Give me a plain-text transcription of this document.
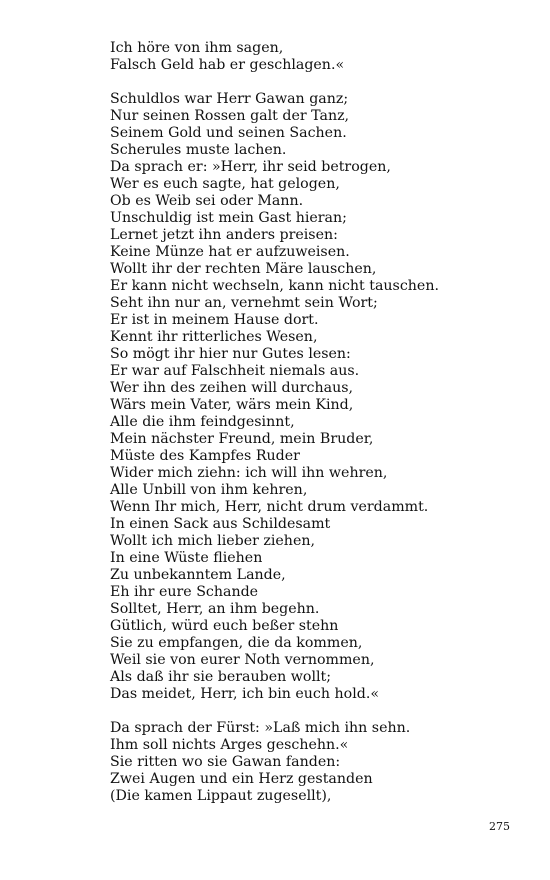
Ich höre von ihm sagen,
Falsch Geld hab er geschlagen.«
Schuldlos war Herr Gawan ganz;
Nur seinen Rossen galt der Tanz,
Seinem Gold und seinen Sachen.
Scherules muste lachen.
Da sprach er: »Herr, ihr seid betrogen,
Wer es euch sagte, hat gelogen,
Ob es Weib sei oder Mann.
Unschuldig ist mein Gast hieran;
Lernet jetzt ihn anders preisen:
Keine Münze hat er aufzuweisen.
Wollt ihr der rechten Märe lauschen,
Er kann nicht wechseln, kann nicht tauschen.
Seht ihn nur an, vernehmt sein Wort;
Er ist in meinem Hause dort.
Kennt ihr ritterliches Wesen,
So mögt ihr hier nur Gutes lesen:
Er war auf Falschheit niemals aus.
Wer ihn des zeihen will durchaus,
Wärs mein Vater, wärs mein Kind,
Alle die ihm feindgesinnt,
Mein nächster Freund, mein Bruder,
Müste des Kampfes Ruder
Wider mich ziehn: ich will ihn wehren,
Alle Unbill von ihm kehren,
Wenn Ihr mich, Herr, nicht drum verdammt.
In einen Sack aus Schildesamt
Wollt ich mich lieber ziehen,
In eine Wüste fliehen
Zu unbekanntem Lande,
Eh ihr eure Schande
Solltet, Herr, an ihm begehn.
Gütlich, würd euch beßer stehn
Sie zu empfangen, die da kommen,
Weil sie von eurer Noth vernommen,
Als daß ihr sie berauben wollt;
Das meidet, Herr, ich bin euch hold.«
Da sprach der Fürst: »Laß mich ihn sehn.
Ihm soll nichts Arges geschehn.«
Sie ritten wo sie Gawan fanden:
Zwei Augen und ein Herz gestanden
(Die kamen Lippaut zugesellt),
275
